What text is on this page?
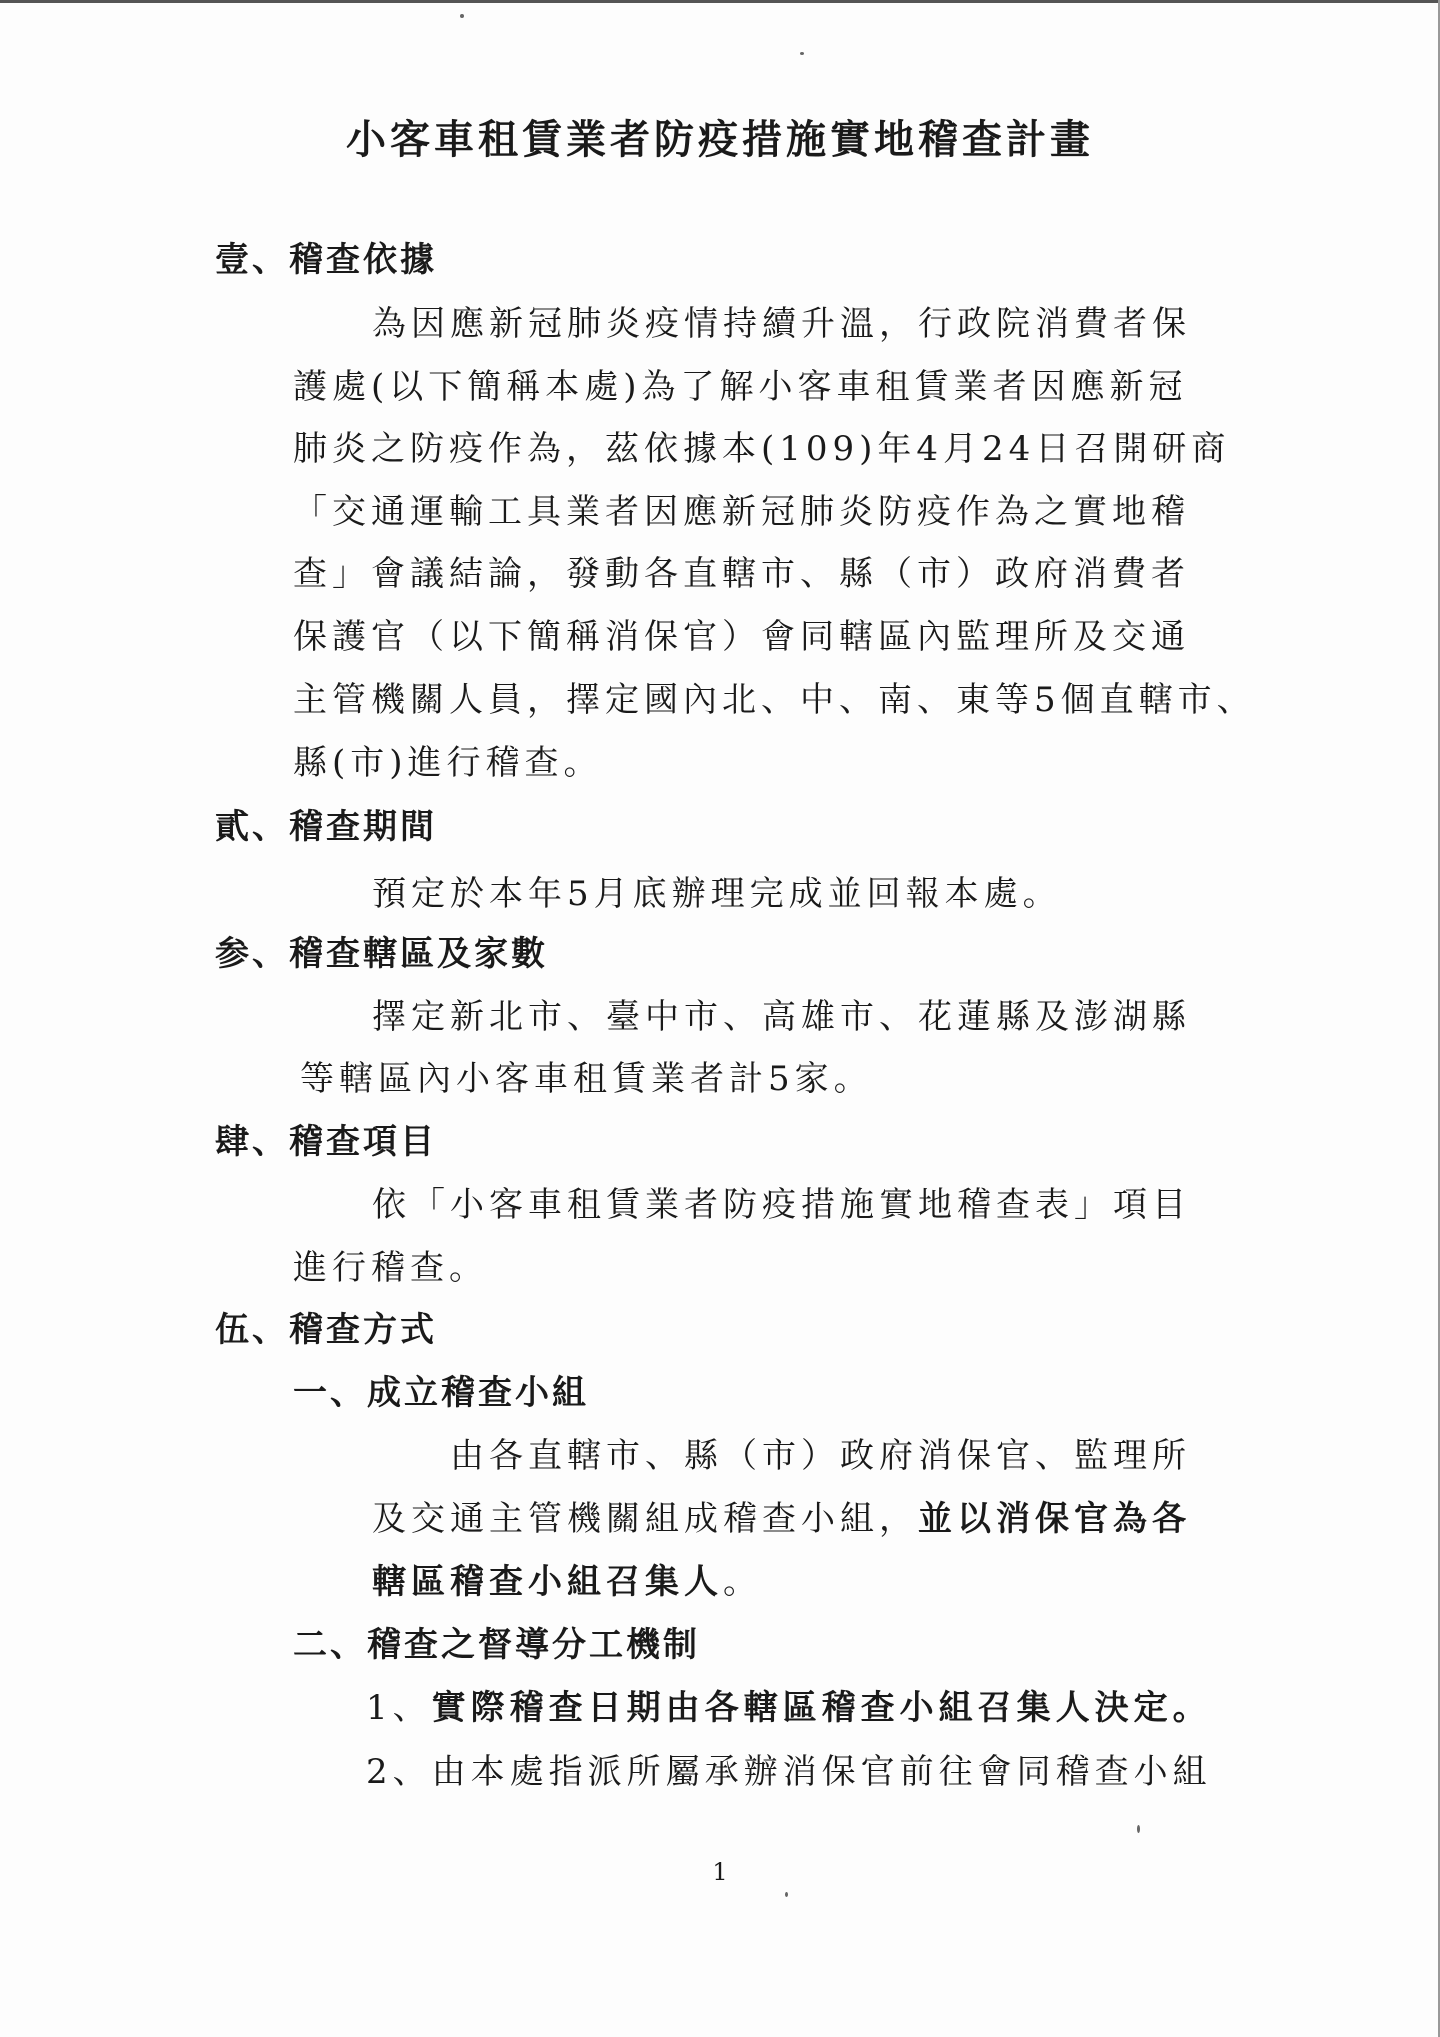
小客車租賃業者防疫措施實地稽查計畫
壹、稽查依據
為因應新冠肺炎疫情持續升溫，行政院消費者保
護處(以下簡稱本處)為了解小客車租賃業者因應新冠
肺炎之防疫作為，茲依據本(109)年4月24日召開研商
「交通運輸工具業者因應新冠肺炎防疫作為之實地稽
查」會議結論，發動各直轄市、縣（市）政府消費者
保護官（以下簡稱消保官）會同轄區內監理所及交通
主管機關人員，擇定國內北、中、南、東等5個直轄市、
縣(市)進行稽查。
貳、稽查期間
預定於本年5月底辦理完成並回報本處。
参、稽查轄區及家數
擇定新北市、臺中市、高雄市、花蓮縣及澎湖縣
等轄區內小客車租賃業者計5家。
肆、稽查項目
依「小客車租賃業者防疫措施實地稽查表」項目
進行稽查。
伍、稽查方式
一、成立稽查小組
由各直轄市、縣（市）政府消保官、監理所
及交通主管機關組成稽查小組，並以消保官為各
轄區稽查小組召集人。
二、稽查之督導分工機制
1、實際稽查日期由各轄區稽查小組召集人決定。
2、由本處指派所屬承辦消保官前往會同稽查小組
1
